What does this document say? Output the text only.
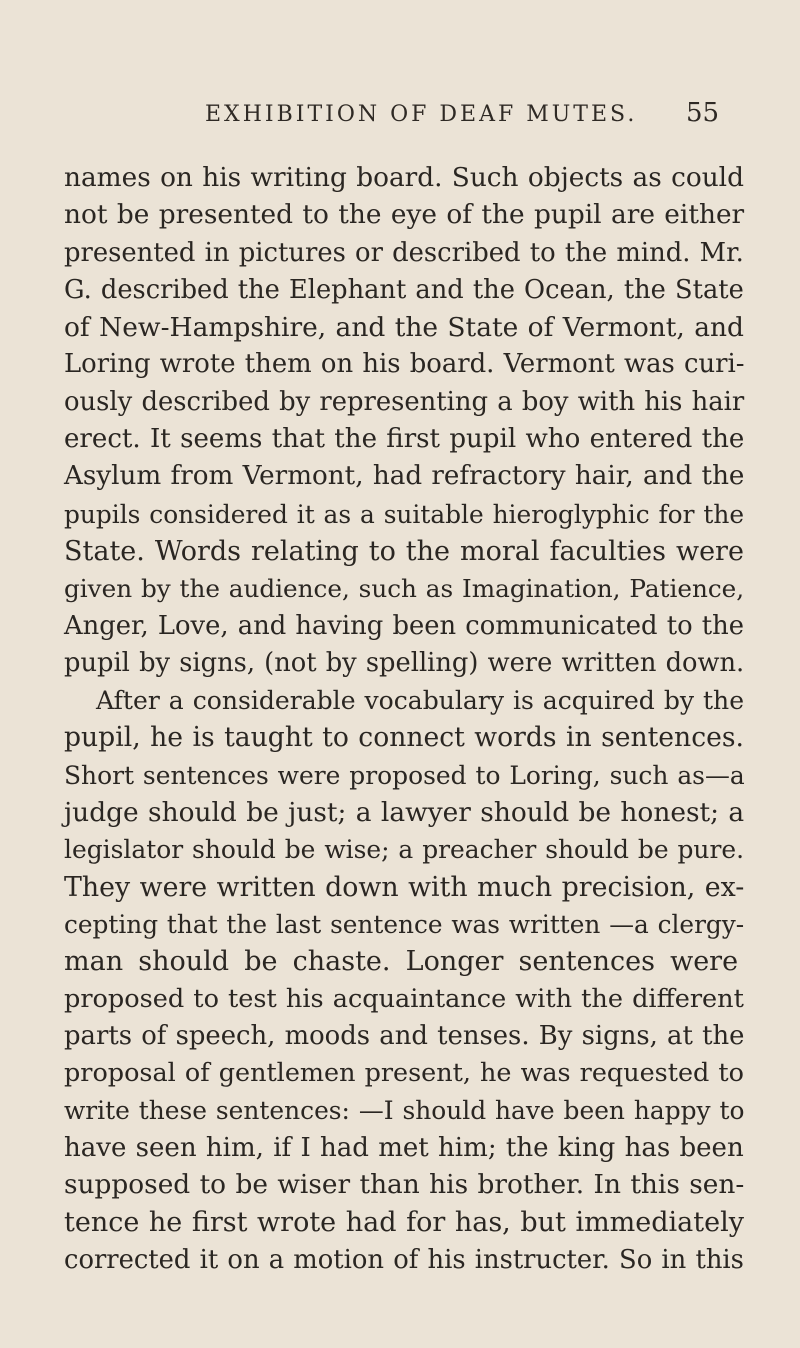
EXHIBITION OF DEAF MUTES. 55
names on his writing board. Such objects as could
not be presented to the eye of the pupil are either
presented in pictures or described to the mind. Mr.
G. described the Elephant and the Ocean, the State
of New-Hampshire, and the State of Vermont, and
Loring wrote them on his board. Vermont was curi-
ously described by representing a boy with his hair
erect. It seems that the first pupil who entered the
Asylum from Vermont, had refractory hair, and the
pupils considered it as a suitable hieroglyphic for the
State. Words relating to the moral faculties were
given by the audience, such as Imagination, Patience,
Anger, Love, and having been communicated to the
pupil by signs, (not by spelling) were written down.
After a considerable vocabulary is acquired by the
pupil, he is taught to connect words in sentences.
Short sentences were proposed to Loring, such as—a
judge should be just; a lawyer should be honest; a
legislator should be wise; a preacher should be pure.
They were written down with much precision, ex-
cepting that the last sentence was written —a clergy-
man should be chaste. Longer sentences were
proposed to test his acquaintance with the different
parts of speech, moods and tenses. By signs, at the
proposal of gentlemen present, he was requested to
write these sentences: —I should have been happy to
have seen him, if I had met him; the king has been
supposed to be wiser than his brother. In this sen-
tence he first wrote had for has, but immediately
corrected it on a motion of his instructer. So in this
